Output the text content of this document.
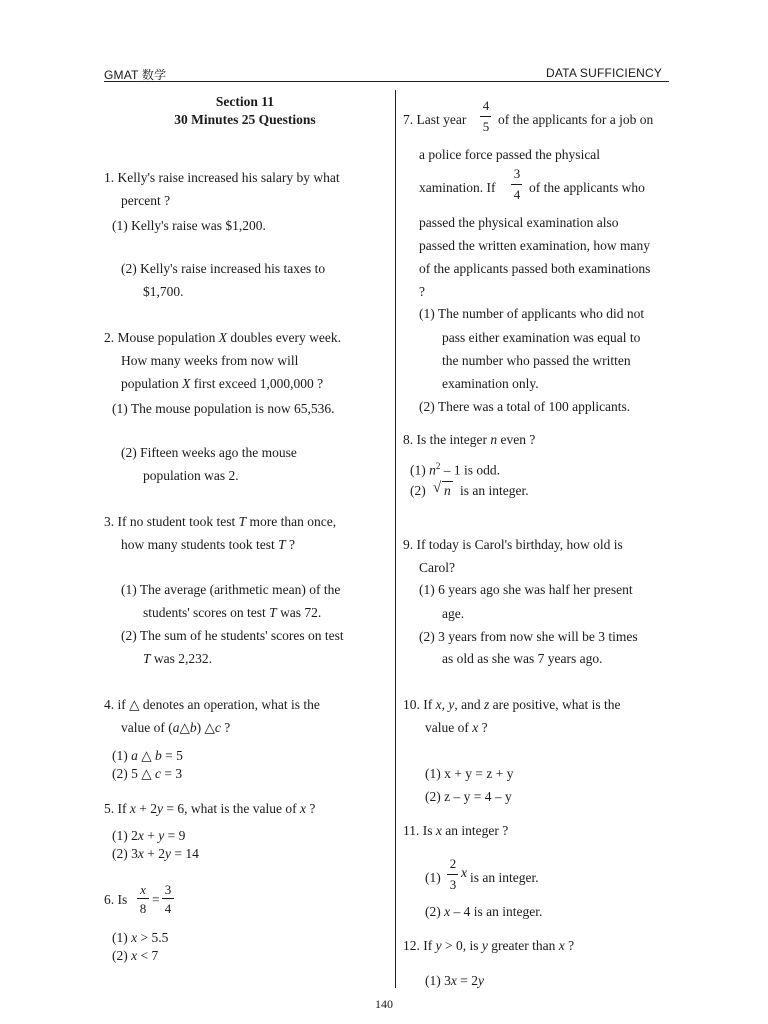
GMAT 数学	DATA SUFFICIENCY
Section 11
30 Minutes 25 Questions
1. Kelly's raise increased his salary by what
percent ?
(1) Kelly's raise was $1,200.
(2) Kelly's raise increased his taxes to
$1,700.
2. Mouse population X doubles every week.
How many weeks from now will
population X first exceed 1,000,000 ?
(1) The mouse population is now 65,536.
(2) Fifteen weeks ago the mouse
population was 2.
3. If no student took test T more than once,
how many students took test T ?
(1) The average (arithmetic mean) of the
students' scores on test T was 72.
(2) The sum of he students' scores on test
T was 2,232.
4. if △ denotes an operation, what is the
value of (a△b) △c ?
(1) a △ b = 5
(2) 5 △ c = 3
5. If x + 2y = 6, what is the value of x ?
(1) 2x + y = 9
(2) 3x + 2y = 14
6. Is
x
8
=
3
4
(1) x > 5.5
(2) x < 7
7. Last year
4
5 of the applicants for a job on
a police force passed the physical
xamination. If
3
4 of the applicants who
passed the physical examination also
passed the written examination, how many
of the applicants passed both examinations
?
(1) The number of applicants who did not
pass either examination was equal to
the number who passed the written
examination only.
(2) There was a total of 100 applicants.
8. Is the integer n even ?
(1) $n^2 - 1$ is odd.
(2) √ n is an integer.
9. If today is Carol's birthday, how old is
Carol?
(1) 6 years ago she was half her present
age.
(2) 3 years from now she will be 3 times
as old as she was 7 years ago.
10. If x, y, and z are positive, what is the
value of x ?
(1) x + y = z + y
(2) z – y = 4 – y
11. Is x an integer ?
(1)
2
3
x is an integer.
(2) x – 4 is an integer.
12. If y > 0, is y greater than x ?
(1) 3x = 2y
140
